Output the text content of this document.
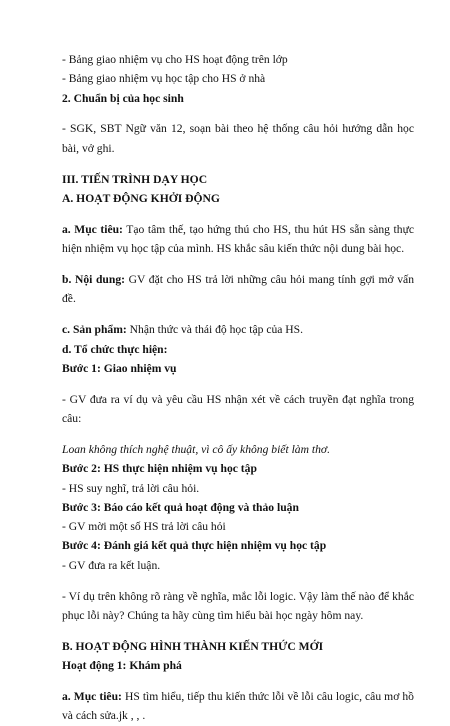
- Bảng giao nhiệm vụ cho HS hoạt động trên lớp

- Bảng giao nhiệm vụ học tập cho HS ở nhà

2. Chuẩn bị của học sinh

- SGK, SBT Ngữ văn 12, soạn bài theo hệ thống câu hỏi hướng dẫn học bài, vở ghi.

III. TIẾN TRÌNH DẠY HỌC

A. HOẠT ĐỘNG KHỞI ĐỘNG

a. Mục tiêu: Tạo tâm thế, tạo hứng thú cho HS, thu hút HS sẵn sàng thực hiện nhiệm vụ học tập của mình. HS khắc sâu kiến thức nội dung bài học.

b. Nội dung: GV đặt cho HS trả lời những câu hỏi mang tính gợi mở vấn đề.

c. Sản phẩm: Nhận thức và thái độ học tập của HS.

d. Tổ chức thực hiện:

Bước 1: Giao nhiệm vụ

- GV đưa ra ví dụ và yêu cầu HS nhận xét về cách truyền đạt nghĩa trong câu:

Loan không thích nghệ thuật, vì cô ấy không biết làm thơ.

Bước 2: HS thực hiện nhiệm vụ học tập

- HS suy nghĩ, trả lời câu hỏi.

Bước 3: Báo cáo kết quả hoạt động và thảo luận

- GV mời một số HS trả lời câu hỏi

Bước 4: Đánh giá kết quả thực hiện nhiệm vụ học tập

- GV đưa ra kết luận.

- Ví dụ trên không rõ ràng về nghĩa, mắc lỗi logic. Vậy làm thế nào để khắc phục lỗi này? Chúng ta hãy cùng tìm hiểu bài học ngày hôm nay.

B. HOẠT ĐỘNG HÌNH THÀNH KIẾN THỨC MỚI

Hoạt động 1: Khám phá

a. Mục tiêu: HS tìm hiểu, tiếp thu kiến thức lỗi về lỗi câu logic, câu mơ hồ và cách sửa.jk , , .
